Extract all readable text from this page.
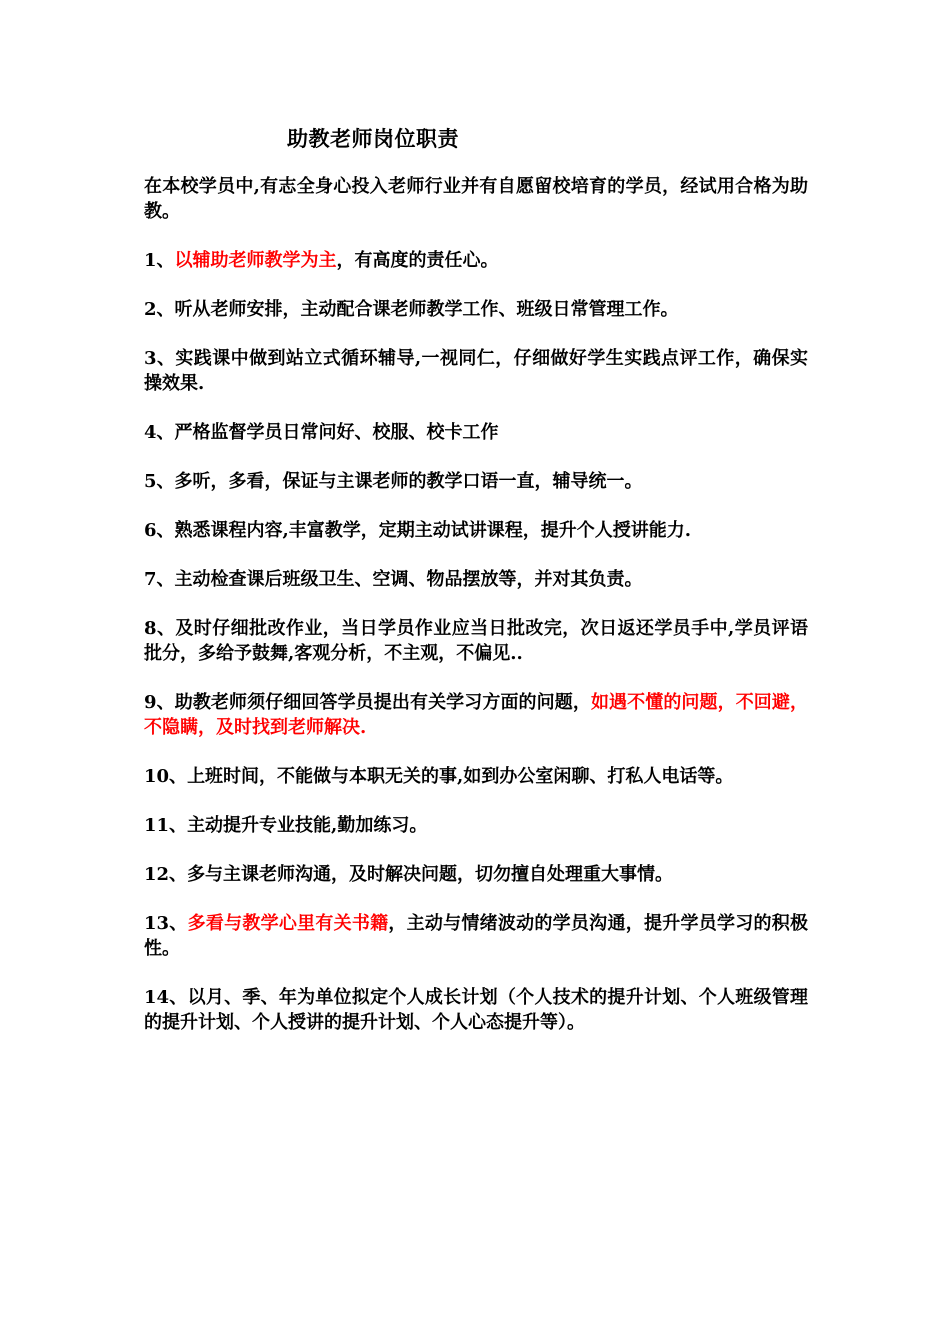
助教老师岗位职责

在本校学员中,有志全身心投入老师行业并有自愿留校培育的学员，经试用合格为助教。

1、以辅助老师教学为主，有高度的责任心。

2、听从老师安排，主动配合课老师教学工作、班级日常管理工作。

3、实践课中做到站立式循环辅导,一视同仁，仔细做好学生实践点评工作，确保实操效果.

4、严格监督学员日常问好、校服、校卡工作

5、多听，多看，保证与主课老师的教学口语一直，辅导统一。

6、熟悉课程内容,丰富教学，定期主动试讲课程，提升个人授讲能力.

7、主动检查课后班级卫生、空调、物品摆放等，并对其负责。

8、及时仔细批改作业，当日学员作业应当日批改完，次日返还学员手中,学员评语批分，多给予鼓舞,客观分析，不主观，不偏见..

9、助教老师须仔细回答学员提出有关学习方面的问题，如遇不懂的问题，不回避，不隐瞒，及时找到老师解决.

10、上班时间，不能做与本职无关的事,如到办公室闲聊、打私人电话等。

11、主动提升专业技能,勤加练习。

12、多与主课老师沟通，及时解决问题，切勿擅自处理重大事情。

13、多看与教学心里有关书籍，主动与情绪波动的学员沟通，提升学员学习的积极性。

14、以月、季、年为单位拟定个人成长计划（个人技术的提升计划、个人班级管理的提升计划、个人授讲的提升计划、个人心态提升等）。
